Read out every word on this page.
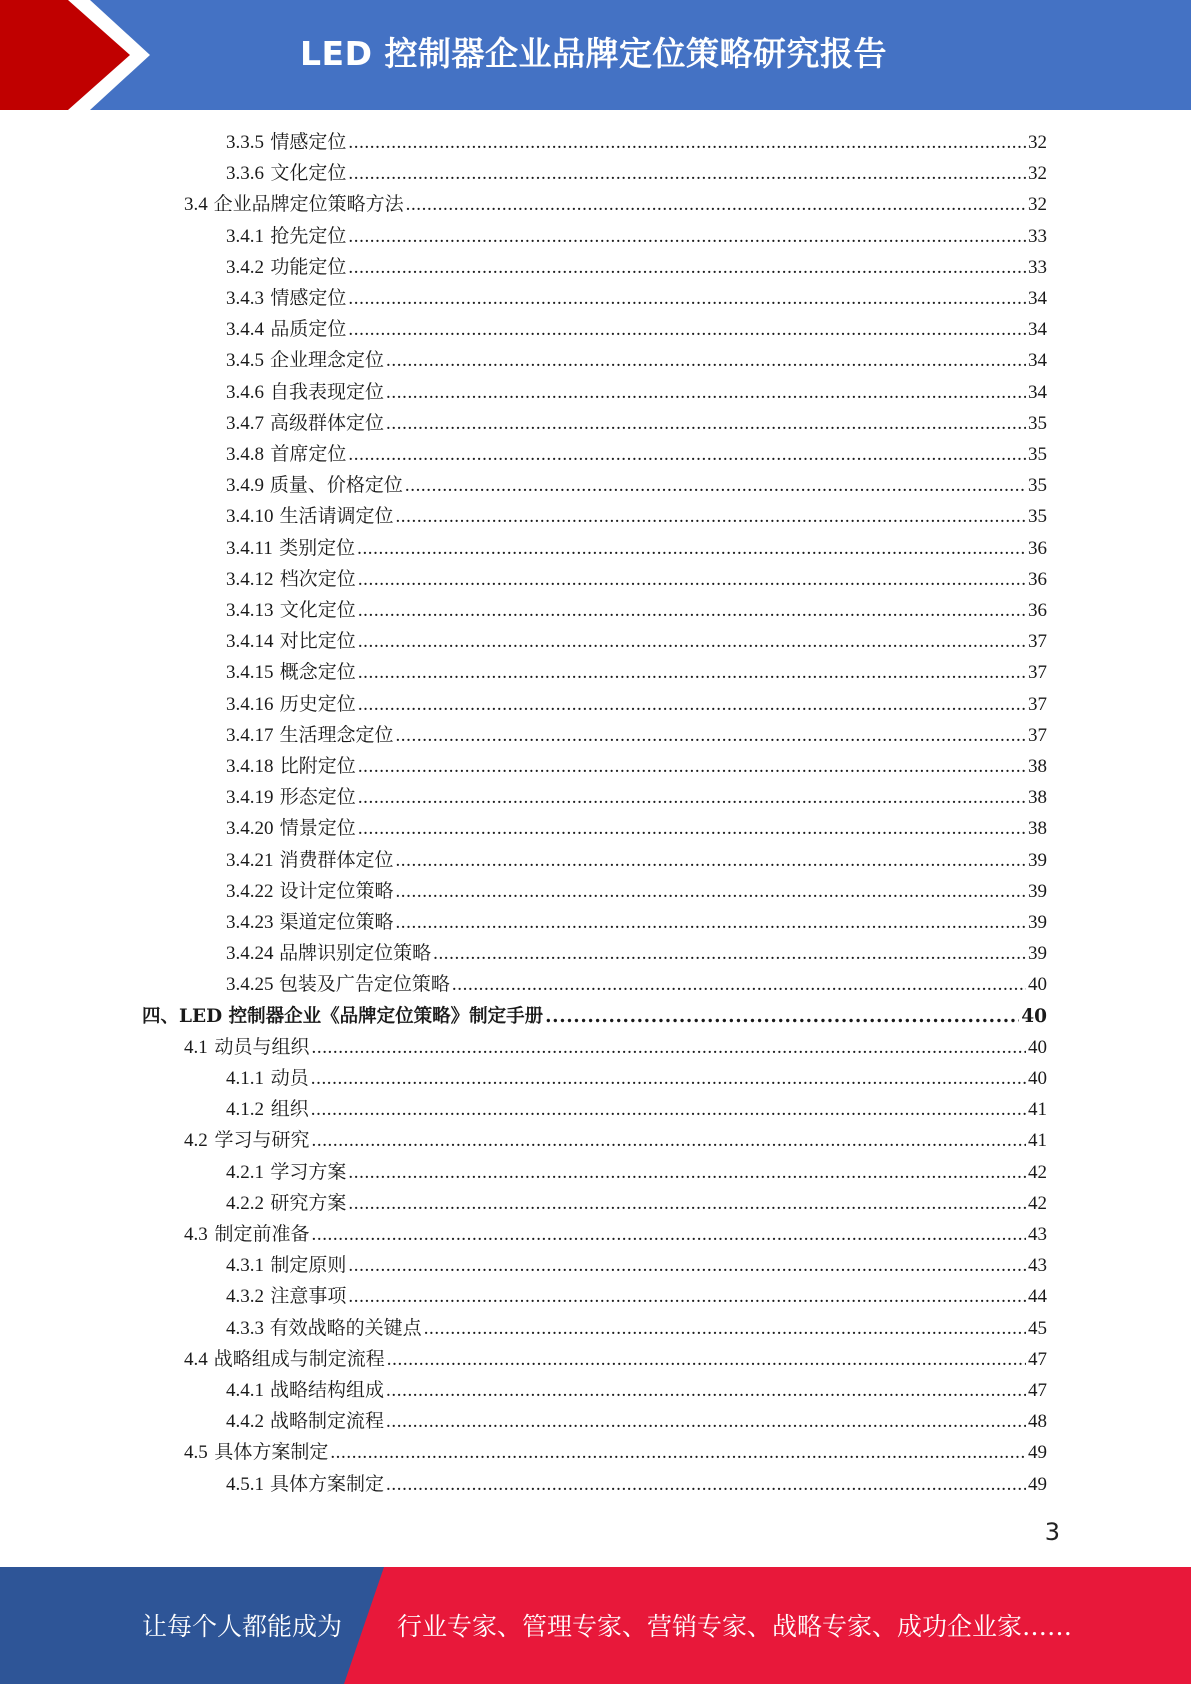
LED 控制器企业品牌定位策略研究报告
3.3.5 情感定位 .....	32
3.3.6 文化定位 .....	32
3.4 企业品牌定位策略方法 .....	32
3.4.1 抢先定位 .....	33
3.4.2 功能定位 .....	33
3.4.3 情感定位 .....	34
3.4.4 品质定位 .....	34
3.4.5 企业理念定位 .....	34
3.4.6 自我表现定位 .....	34
3.4.7 高级群体定位 .....	35
3.4.8 首席定位 .....	35
3.4.9 质量、价格定位 .....	35
3.4.10 生活请调定位 .....	35
3.4.11 类别定位 .....	36
3.4.12 档次定位 .....	36
3.4.13 文化定位 .....	36
3.4.14 对比定位 .....	37
3.4.15 概念定位 .....	37
3.4.16 历史定位 .....	37
3.4.17 生活理念定位 .....	37
3.4.18 比附定位 .....	38
3.4.19 形态定位 .....	38
3.4.20 情景定位 .....	38
3.4.21 消费群体定位 .....	39
3.4.22 设计定位策略 .....	39
3.4.23 渠道定位策略 .....	39
3.4.24 品牌识别定位策略 .....	39
3.4.25 包装及广告定位策略 .....	40
四、LED 控制器企业《品牌定位策略》制定手册 .....	40
4.1 动员与组织 .....	40
4.1.1 动员 .....	40
4.1.2 组织 .....	41
4.2 学习与研究 .....	41
4.2.1 学习方案 .....	42
4.2.2 研究方案 .....	42
4.3 制定前准备 .....	43
4.3.1 制定原则 .....	43
4.3.2 注意事项 .....	44
4.3.3 有效战略的关键点 .....	45
4.4 战略组成与制定流程 .....	47
4.4.1 战略结构组成 .....	47
4.4.2 战略制定流程 .....	48
4.5 具体方案制定 .....	49
4.5.1 具体方案制定 .....	49
3
让每个人都能成为 行业专家、管理专家、营销专家、战略专家、成功企业家……
